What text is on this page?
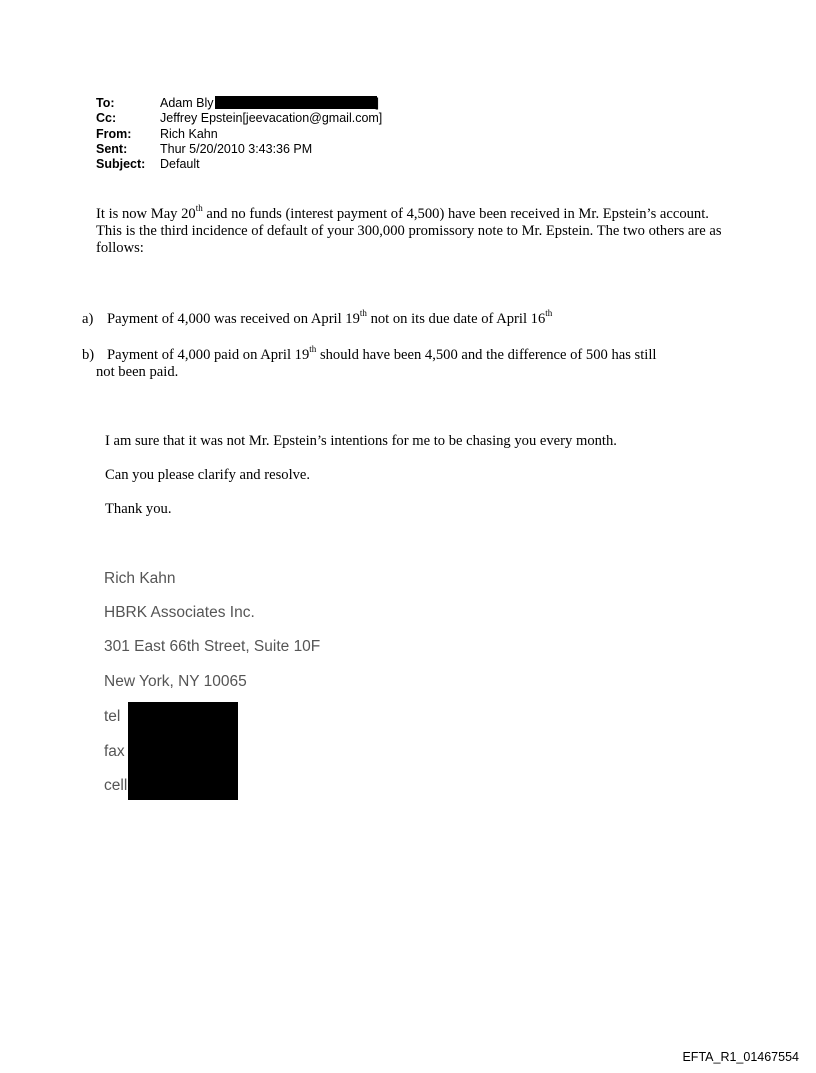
To:	Adam Bly	]
Cc:	Jeffrey Epstein[jeevacation@gmail.com]
From:	Rich Kahn
Sent:	Thur 5/20/2010 3:43:36 PM
Subject:	Default
It is now May 20th and no funds (interest payment of 4,500) have been received in Mr. Epstein’s account. This is the third incidence of default of your 300,000 promissory note to Mr. Epstein. The two others are as follows:
a) Payment of 4,000 was received on April 19th not on its due date of April 16th
b) Payment of 4,000 paid on April 19th should have been 4,500 and the difference of 500 has still
not been paid.
I am sure that it was not Mr. Epstein’s intentions for me to be chasing you every month.
Can you please clarify and resolve.
Thank you.
Rich Kahn
HBRK Associates Inc.
301 East 66th Street, Suite 10F
New York, NY 10065
tel
fax
cell
EFTA_R1_01467554
